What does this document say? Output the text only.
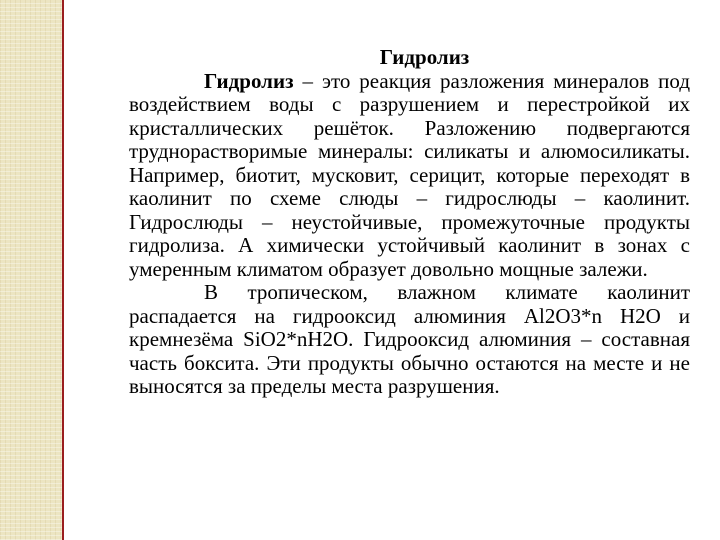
Гидролиз

Гидролиз – это реакция разложения минералов под воздействием воды с разрушением и перестройкой их кристаллических решёток. Разложению подвергаются труднорастворимые минералы: силикаты и алюмосиликаты. Например, биотит, мусковит, серицит, которые переходят в каолинит по схеме слюды – гидрослюды – каолинит. Гидрослюды – неустойчивые, промежуточные продукты гидролиза. А химически устойчивый каолинит в зонах с умеренным климатом образует довольно мощные залежи.

В тропическом, влажном климате каолинит распадается на гидрооксид алюминия Al2O3*n H2O и кремнезёма SiO2*nH2O. Гидрооксид алюминия – составная часть боксита. Эти продукты обычно остаются на месте и не выносятся за пределы места разрушения.
